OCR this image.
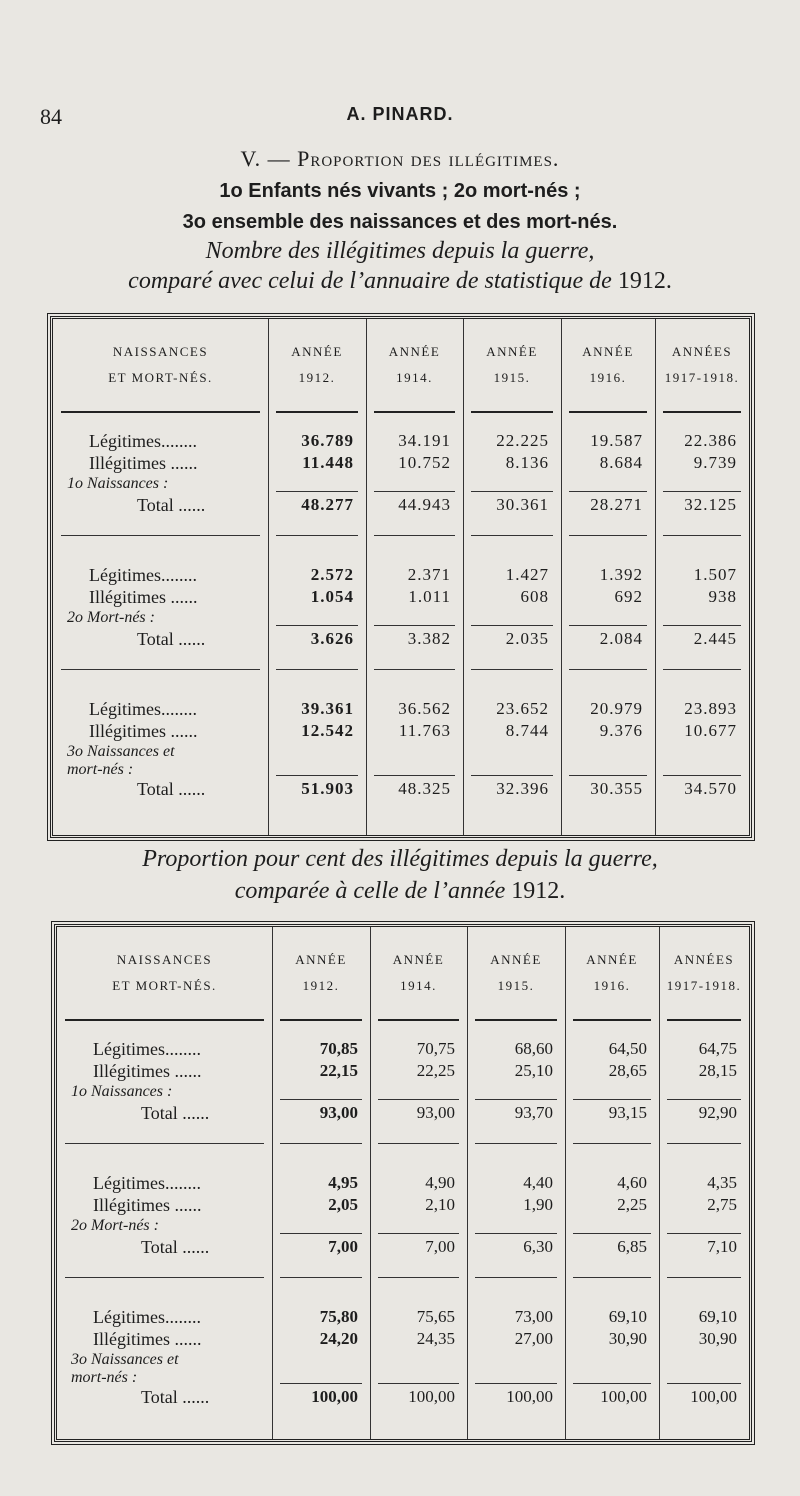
84	A. PINARD.
V. — Proportion des illégitimes.
1o Enfants nés vivants ; 2o mort-nés ;
3o ensemble des naissances et des mort-nés.
Nombre des illégitimes depuis la guerre,
comparé avec celui de l’annuaire de statistique de 1912.
NAISSANCES
ET MORT-NÉS.
ANNÉE
1912.
ANNÉE
1914.
ANNÉE
1915.
ANNÉE
1916.
ANNÉES
1917-1918.
Légitimes........
Illégitimes ......
1o Naissances :
Total ......
36.789
11.448
48.277
34.191
10.752
44.943
22.225
8.136
30.361
19.587
8.684
28.271
22.386
9.739
32.125
Légitimes........
Illégitimes ......
2o Mort-nés :
Total ......
2.572
1.054
3.626
2.371
1.011
3.382
1.427
608
2.035
1.392
692
2.084
1.507
938
2.445
Légitimes........
Illégitimes ......
3o Naissances et
mort-nés :
Total ......
39.361
12.542
51.903
36.562
11.763
48.325
23.652
8.744
32.396
20.979
9.376
30.355
23.893
10.677
34.570
Proportion pour cent des illégitimes depuis la guerre,
comparée à celle de l’année 1912.
NAISSANCES
ET MORT-NÉS.
ANNÉE
1912.
ANNÉE
1914.
ANNÉE
1915.
ANNÉE
1916.
ANNÉES
1917-1918.
Légitimes........
Illégitimes ......
1o Naissances :
Total ......
70,85
22,15
93,00
70,75
22,25
93,00
68,60
25,10
93,70
64,50
28,65
93,15
64,75
28,15
92,90
Légitimes........
Illégitimes ......
2o Mort-nés :
Total ......
4,95
2,05
7,00
4,90
2,10
7,00
4,40
1,90
6,30
4,60
2,25
6,85
4,35
2,75
7,10
Légitimes........
Illégitimes ......
3o Naissances et
mort-nés :
Total ......
75,80
24,20
100,00
75,65
24,35
100,00
73,00
27,00
100,00
69,10
30,90
100,00
69,10
30,90
100,00
